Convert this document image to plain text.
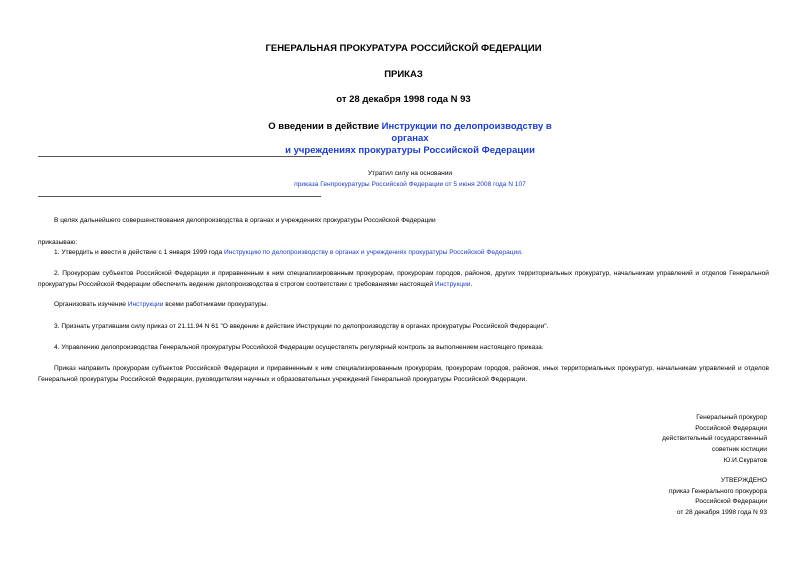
ГЕНЕРАЛЬНАЯ ПРОКУРАТУРА РОССИЙСКОЙ ФЕДЕРАЦИИ
ПРИКАЗ
от 28 декабря 1998 года N 93
О введении в действие Инструкции по делопроизводству в органах
и учреждениях прокуратуры Российской Федерации
Утратил силу на основании
приказа Генпрокуратуры Российской Федерации от 5 июня 2008 года N 107
В целях дальнейшего совершенствования делопроизводства в органах и учреждениях прокуратуры Российской Федерации
приказываю:
1. Утвердить и ввести в действие с 1 января 1999 года Инструкцию по делопроизводству в органах и учреждениях прокуратуры Российской Федерации.
2. Прокурорам субъектов Российской Федерации и приравненным к ним специализированным прокурорам, прокурорам городов, районов, других территориальных прокуратур, начальникам управлений и отделов Генеральной прокуратуры Российской Федерации обеспечить ведение делопроизводства в строгом соответствии с требованиями настоящей Инструкции.
Организовать изучение Инструкции всеми работниками прокуратуры.
3. Признать утратившим силу приказ от 21.11.94 N 61 "О введении в действие Инструкции по делопроизводству в органах прокуратуры Российской Федерации".
4. Управлению делопроизводства Генеральной прокуратуры Российской Федерации осуществлять регулярный контроль за выполнением настоящего приказа.
Приказ направить прокурорам субъектов Российской Федерации и приравненным к ним специализированным прокурорам, прокурорам городов, районов, иных территориальных прокуратур, начальникам управлений и отделов Генеральной прокуратуры Российской Федерации, руководителям научных и образовательных учреждений Генеральной прокуратуры Российской Федерации.
Генеральный прокурор
Российской Федерации
действительный государственный
советник юстиции
Ю.И.Скуратов
УТВЕРЖДЕНО
приказ Генерального прокурора
Российской Федерации
от 28 декабря 1998 года N 93
